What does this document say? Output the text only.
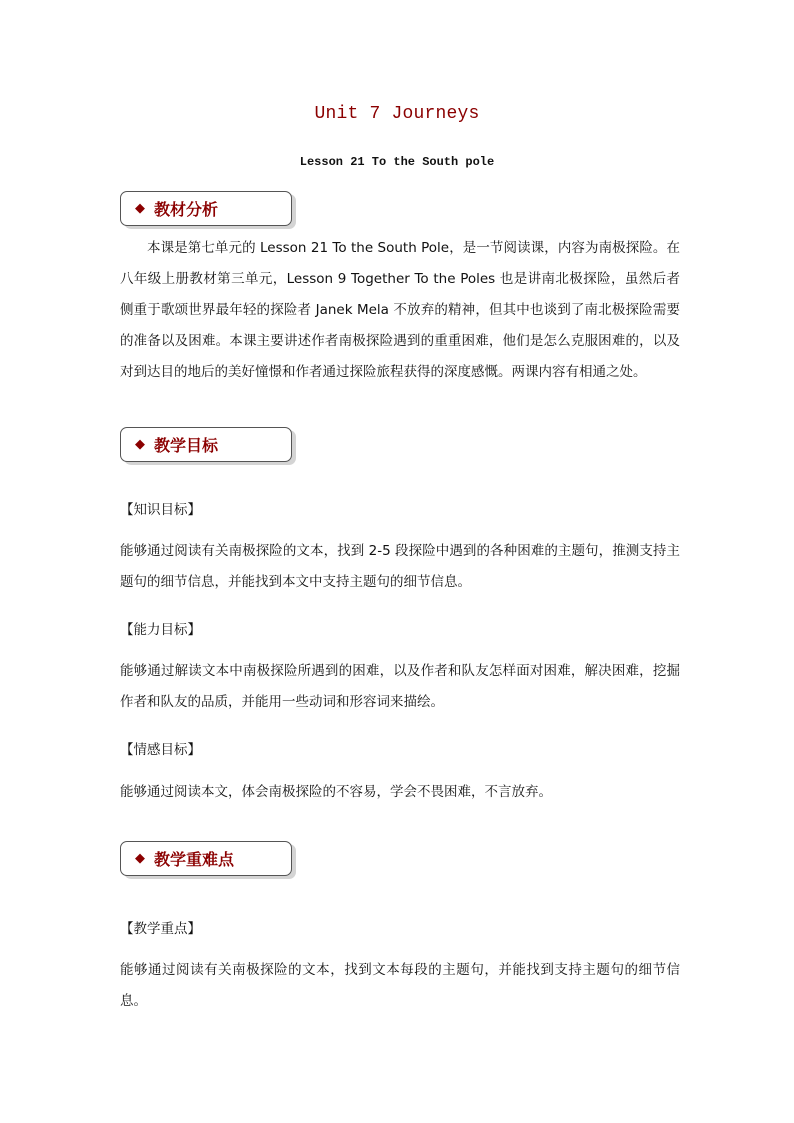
Unit 7 Journeys
Lesson 21 To the South pole
◆ 教材分析
本课是第七单元的 Lesson 21 To the South Pole，是一节阅读课，内容为南极探险。在八年级上册教材第三单元，Lesson 9 Together To the Poles 也是讲南北极探险，虽然后者侧重于歌颂世界最年轻的探险者 Janek Mela 不放弃的精神，但其中也谈到了南北极探险需要的准备以及困难。本课主要讲述作者南极探险遇到的重重困难，他们是怎么克服困难的，以及对到达目的地后的美好憧憬和作者通过探险旅程获得的深度感慨。两课内容有相通之处。
◆ 教学目标
【知识目标】
能够通过阅读有关南极探险的文本，找到 2-5 段探险中遇到的各种困难的主题句，推测支持主题句的细节信息，并能找到本文中支持主题句的细节信息。
【能力目标】
能够通过解读文本中南极探险所遇到的困难，以及作者和队友怎样面对困难，解决困难，挖掘作者和队友的品质，并能用一些动词和形容词来描绘。
【情感目标】
能够通过阅读本文，体会南极探险的不容易，学会不畏困难，不言放弃。
◆ 教学重难点
【教学重点】
能够通过阅读有关南极探险的文本，找到文本每段的主题句，并能找到支持主题句的细节信息。
